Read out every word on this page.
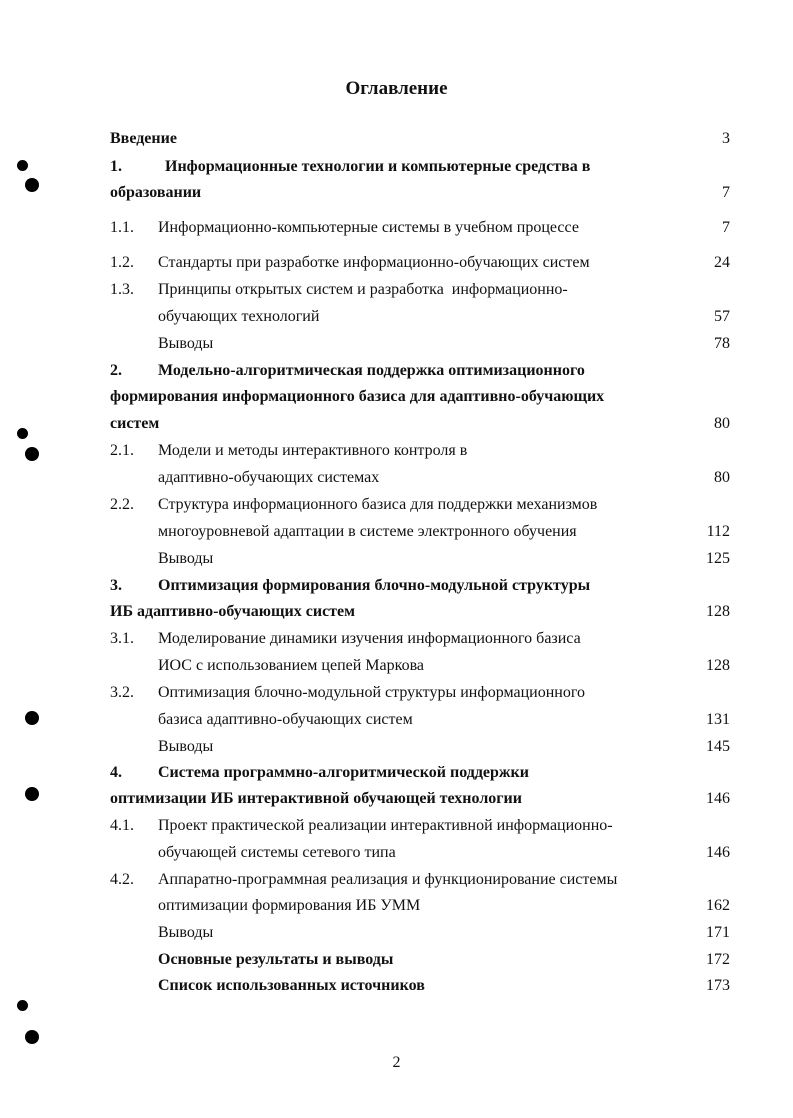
Оглавление
Введение	3
1.	Информационные технологии и компьютерные средства в
образовании	7
1.1. Информационно-компьютерные системы в учебном процессе	7
1.2. Стандарты при разработке информационно-обучающих систем	24
1.3. Принципы открытых систем и разработка  информационно-
обучающих технологий	57
Выводы	78
2. Модельно-алгоритмическая поддержка оптимизационного
формирования информационного базиса для адаптивно-обучающих
систем	80
2.1. Модели и методы интерактивного контроля в
адаптивно-обучающих системах	80
2.2. Структура информационного базиса для поддержки механизмов
многоуровневой адаптации в системе электронного обучения	112
Выводы	125
3. Оптимизация формирования блочно-модульной структуры
ИБ адаптивно-обучающих систем	128
3.1. Моделирование динамики изучения информационного базиса
ИОС с использованием цепей Маркова	128
3.2. Оптимизация блочно-модульной структуры информационного
базиса адаптивно-обучающих систем	131
Выводы	145
4. Система программно-алгоритмической поддержки
оптимизации ИБ интерактивной обучающей технологии	146
4.1. Проект практической реализации интерактивной информационно-
обучающей системы сетевого типа	146
4.2. Аппаратно-программная реализация и функционирование системы
оптимизации формирования ИБ УММ	162
Выводы	171
Основные результаты и выводы	172
Список использованных источников	173
2
